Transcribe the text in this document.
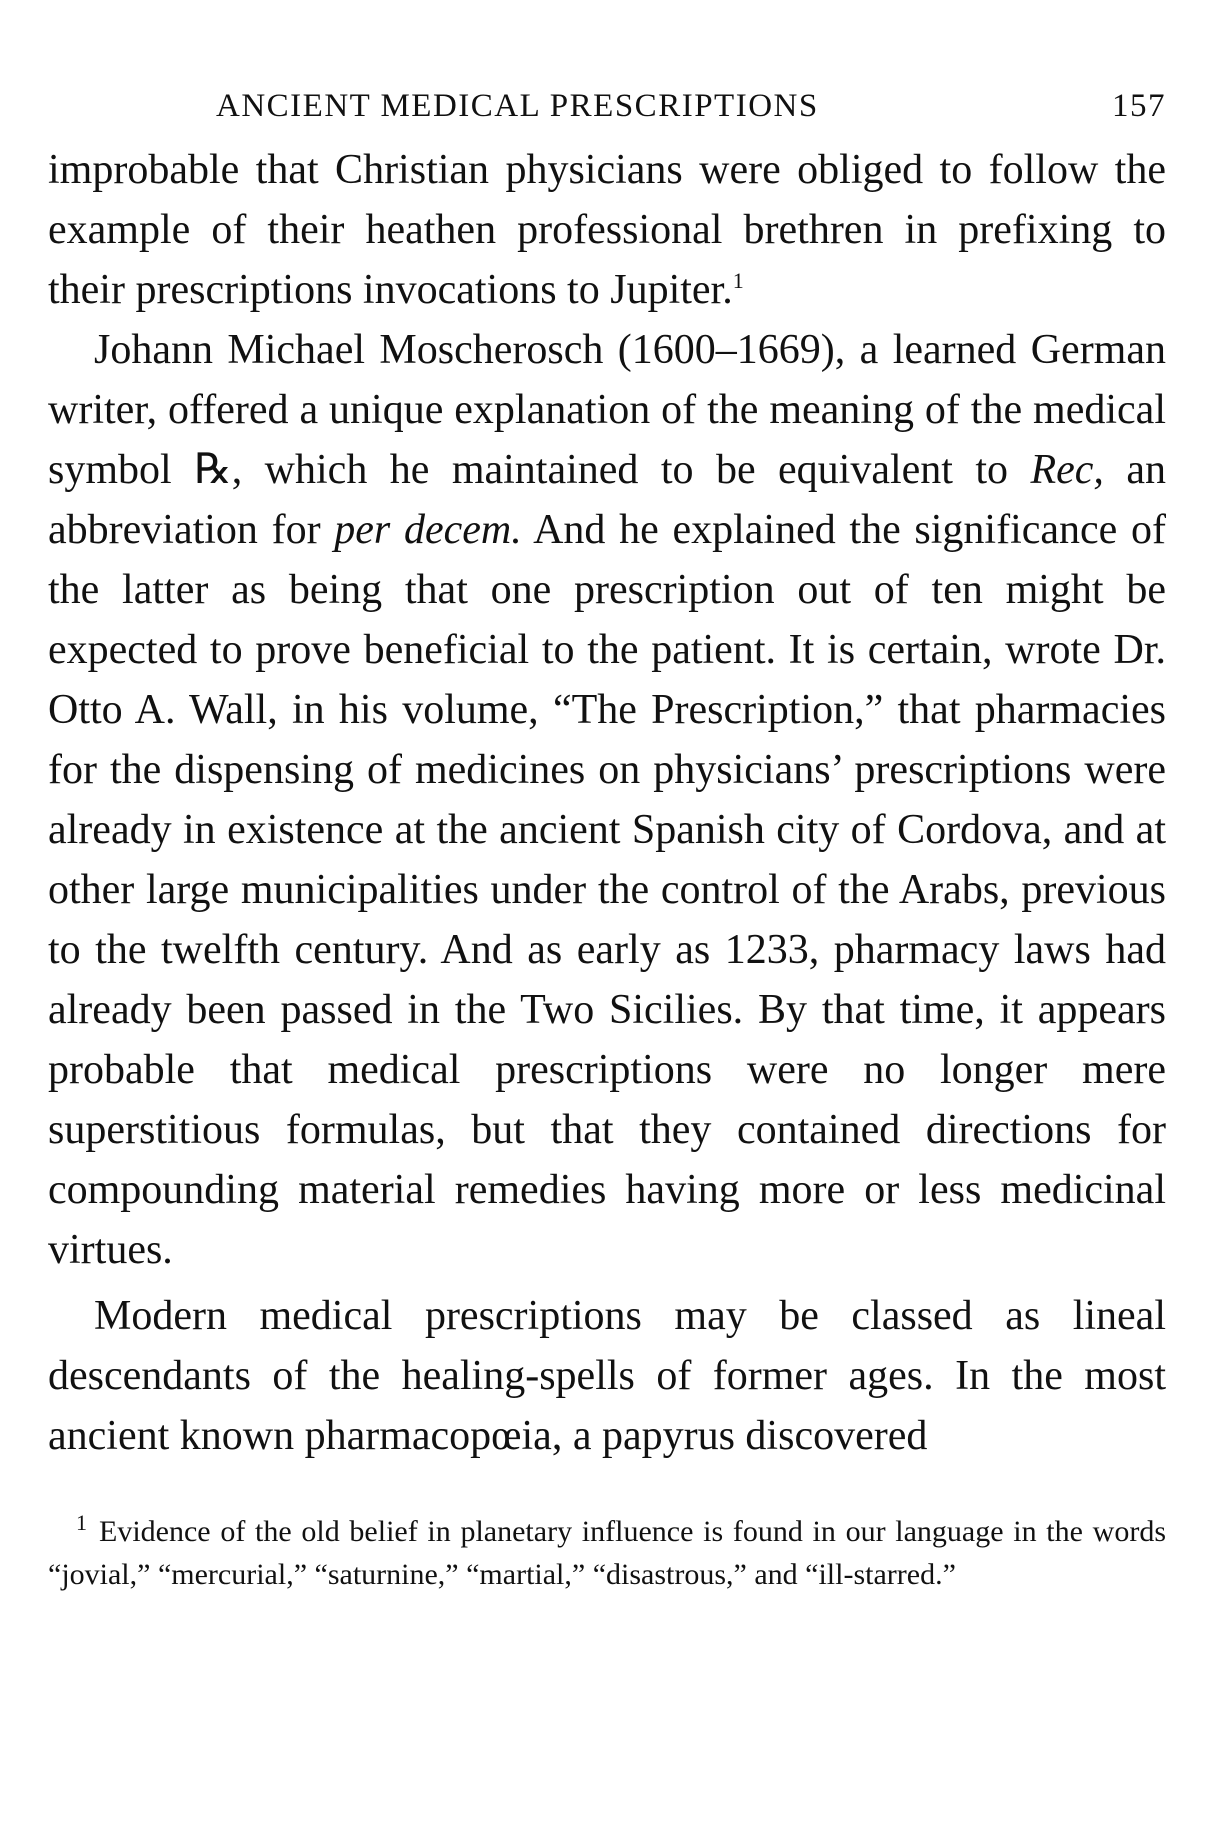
ANCIENT MEDICAL PRESCRIPTIONS	157

improbable that Christian physicians were obliged to follow the example of their heathen professional brethren in prefixing to their prescriptions invocations to Jupiter.$^1$

Johann Michael Moscherosch (1600–1669), a learned German writer, offered a unique explanation of the meaning of the medical symbol ℞, which he maintained to be equivalent to Rec, an abbreviation for per decem. And he explained the significance of the latter as being that one prescription out of ten might be expected to prove beneficial to the patient. It is certain, wrote Dr. Otto A. Wall, in his volume, “The Prescription,” that pharmacies for the dispensing of medicines on physicians’ prescriptions were already in existence at the ancient Spanish city of Cordova, and at other large municipalities under the control of the Arabs, previous to the twelfth century. And as early as 1233, pharmacy laws had already been passed in the Two Sicilies. By that time, it appears probable that medical prescriptions were no longer mere superstitious formulas, but that they contained directions for compounding material remedies having more or less medicinal virtues.

Modern medical prescriptions may be classed as lineal descendants of the healing-spells of former ages. In the most ancient known pharmacopœia, a papyrus discovered

$^1$ Evidence of the old belief in planetary influence is found in our language in the words “jovial,” “mercurial,” “saturnine,” “martial,” “disastrous,” and “ill-starred.”
